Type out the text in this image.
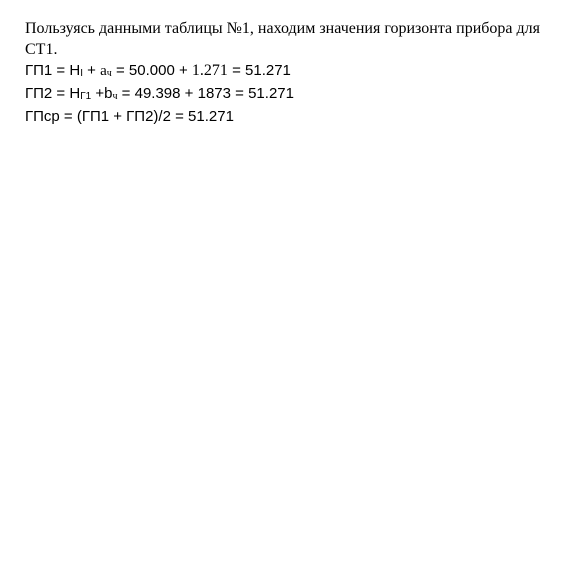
Пользуясь данными таблицы №1, находим значения горизонта прибора для СТ1.

ГП1 = HI + ач = 50.000 + 1.271 = 51.271

ГП2 = HГ1 +bч = 49.398 + 1873 = 51.271

ГПср = (ГП1 + ГП2)/2 = 51.271
